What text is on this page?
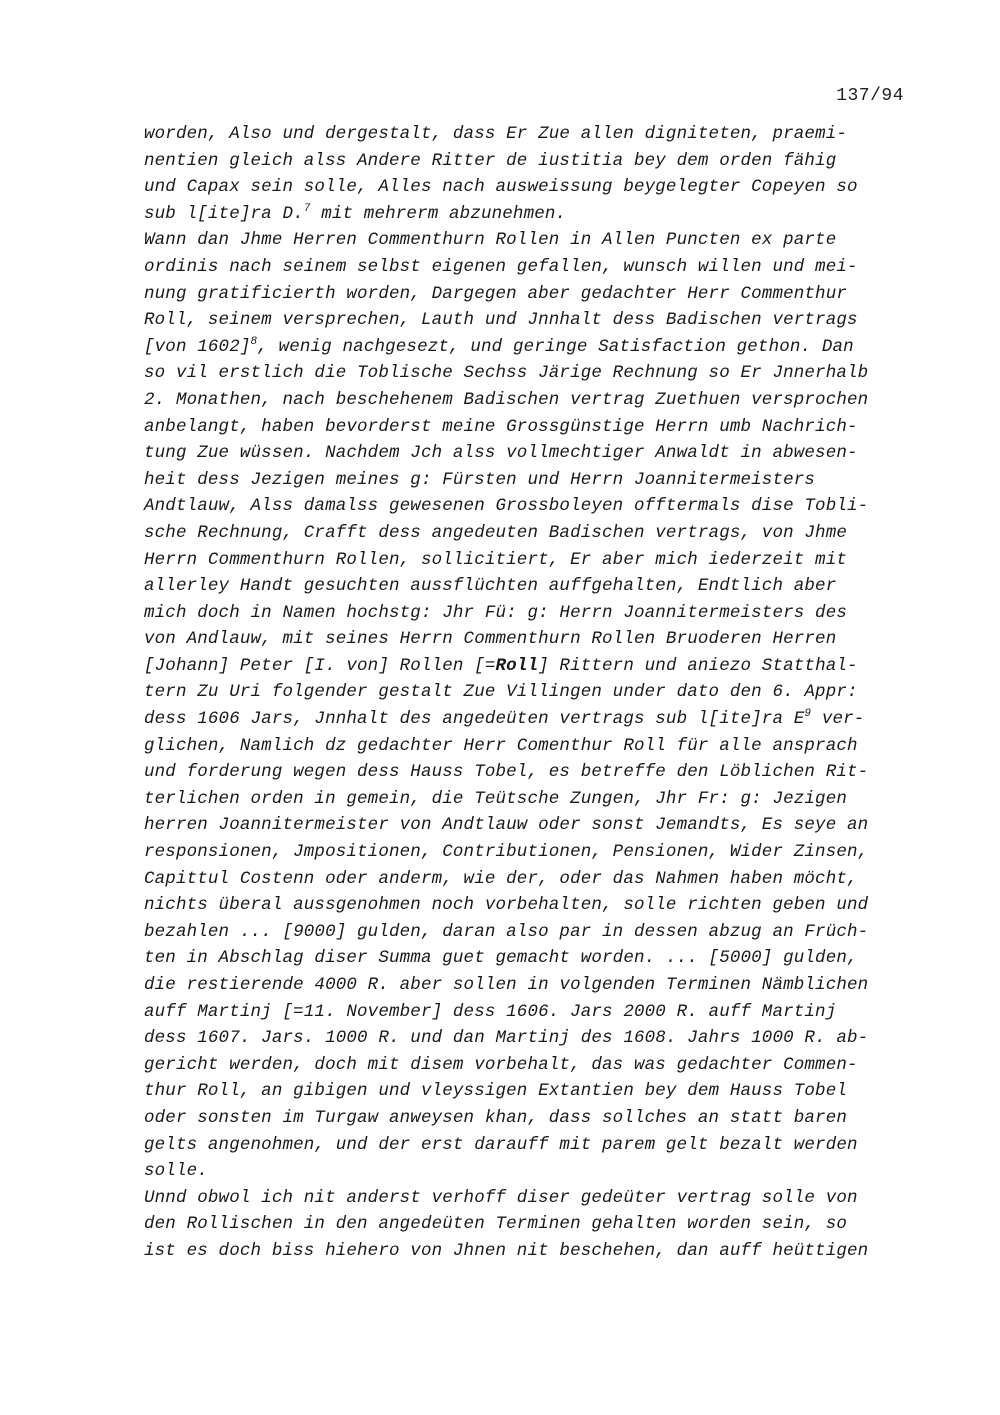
137/94
worden, Also und dergestalt, dass Er Zue allen digniteten, praemi-
nentien gleich alss Andere Ritter de iustitia bey dem orden fähig
und Capax sein solle, Alles nach ausweissung beygelegter Copeyen so
sub l[ite]ra D.$^7$ mit mehrerm abzunehmen.
Wann dan Jhme Herren Commenthurn Rollen in Allen Puncten ex parte
ordinis nach seinem selbst eigenen gefallen, wunsch willen und mei-
nung gratificierth worden, Dargegen aber gedachter Herr Commenthur
Roll, seinem versprechen, Lauth und Jnnhalt dess Badischen vertrags
[von 1602]$^8$, wenig nachgesezt, und geringe Satisfaction gethon. Dan
so vil erstlich die Toblische Sechss Järige Rechnung so Er Jnnerhalb
2. Monathen, nach beschehenem Badischen vertrag Zuethuen versprochen
anbelangt, haben bevorderst meine Grossgünstige Herrn umb Nachrich-
tung Zue wüssen. Nachdem Jch alss vollmechtiger Anwaldt in abwesen-
heit dess Jezigen meines g: Fürsten und Herrn Joannitermeisters
Andtlauw, Alss damalss gewesenen Grossboleyen offtermals dise Tobli-
sche Rechnung, Crafft dess angedeuten Badischen vertrags, von Jhme
Herrn Commenthurn Rollen, sollicitiert, Er aber mich iederzeit mit
allerley Handt gesuchten aussflüchten auffgehalten, Endtlich aber
mich doch in Namen hochstg: Jhr Fü: g: Herrn Joannitermeisters des
von Andlauw, mit seines Herrn Commenthurn Rollen Bruoderen Herren
[Johann] Peter [I. von] Rollen [=Roll] Rittern und aniezo Statthal-
tern Zu Uri folgender gestalt Zue Villingen under dato den 6. Appr:
dess 1606 Jars, Jnnhalt des angedeüten vertrags sub l[ite]ra $E^9$ ver-
glichen, Namlich dz gedachter Herr Comenthur Roll für alle ansprach
und forderung wegen dess Hauss Tobel, es betreffe den Löblichen Rit-
terlichen orden in gemein, die Teütsche Zungen, Jhr Fr: g: Jezigen
herren Joannitermeister von Andtlauw oder sonst Jemandts, Es seye an
responsionen, Jmpositionen, Contributionen, Pensionen, Wider Zinsen,
Capittul Costenn oder anderm, wie der, oder das Nahmen haben möcht,
nichts überal aussgenohmen noch vorbehalten, solle richten geben und
bezahlen ... [9000] gulden, daran also par in dessen abzug an Früch-
ten in Abschlag diser Summa guet gemacht worden. ... [5000] gulden,
die restierende 4000 R. aber sollen in volgenden Terminen Nämblichen
auff Martinj [=11. November] dess 1606. Jars 2000 R. auff Martinj
dess 1607. Jars. 1000 R. und dan Martinj des 1608. Jahrs 1000 R. ab-
gericht werden, doch mit disem vorbehalt, das was gedachter Commen-
thur Roll, an gibigen und vleyssigen Extantien bey dem Hauss Tobel
oder sonsten im Turgaw anweysen khan, dass sollches an statt baren
gelts angenohmen, und der erst darauff mit parem gelt bezalt werden
solle.
Unnd obwol ich nit anderst verhoff diser gedeüter vertrag solle von
den Rollischen in den angedeüten Terminen gehalten worden sein, so
ist es doch biss hiehero von Jhnen nit beschehen, dan auff heüttigen
